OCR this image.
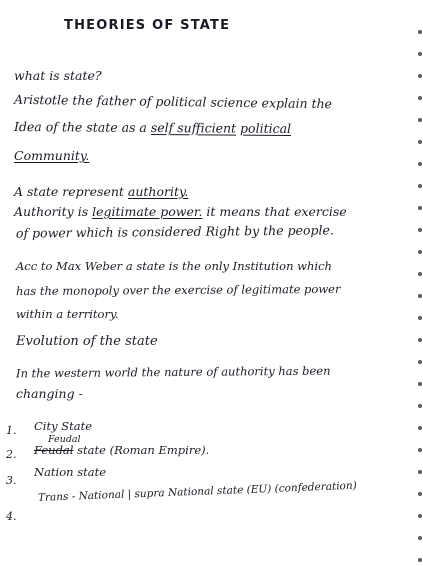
THEORIES OF STATE
what is state?
Aristotle the father of political science explain the
Idea of the state as a self sufficient political
Community.
A state represent authority.
Authority is legitimate power. it means that exercise
of power which is considered Right by the people.
Acc to Max Weber a state is the only Institution which
has the monopoly over the exercise of legitimate power
within a territory.
Evolution of the state
In the western world the nature of authority has been
changing -
1. City State
Feudal
2. Feudal state (Roman Empire).
3.
Nation state
4.
Trans - National | supra National state (EU) (confederation)
